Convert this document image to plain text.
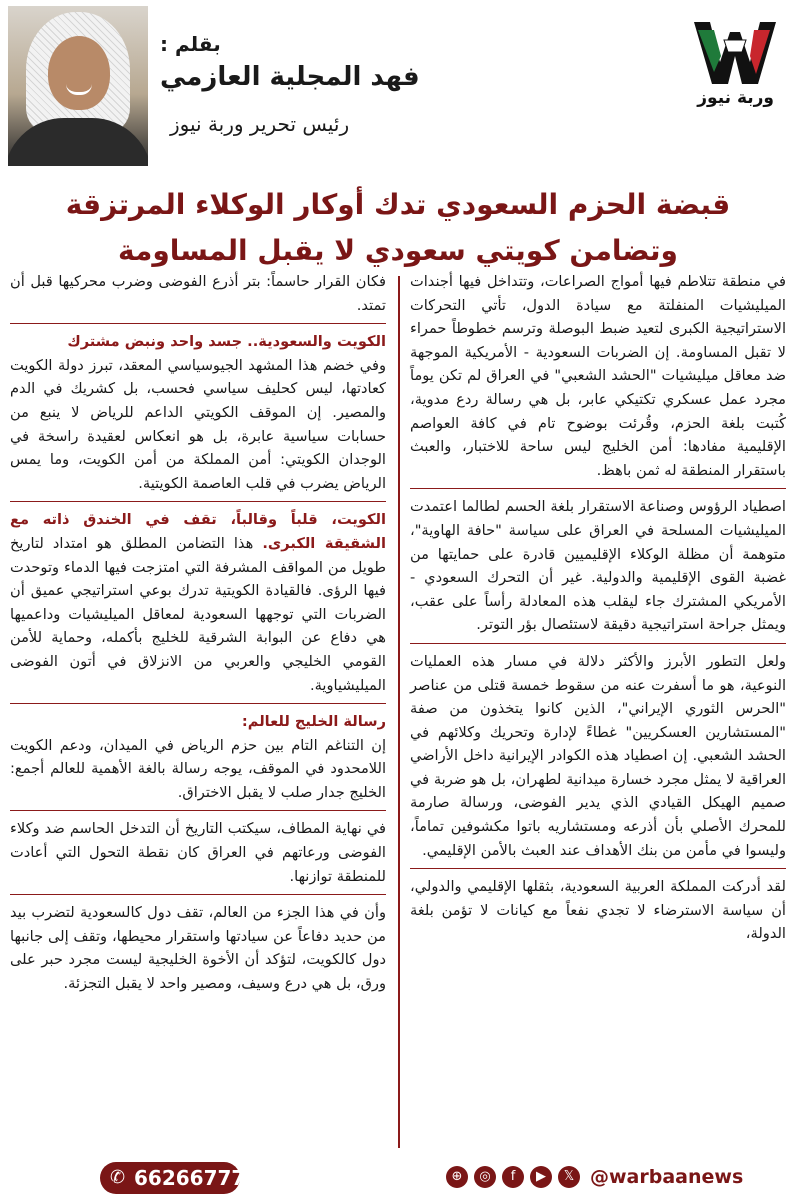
وربة نيوز
بقلم :
فهد المجلية العازمي
رئيس تحرير وربة نيوز
قبضة الحزم السعودي تدك أوكار الوكلاء المرتزقة
وتضامن كويتي سعودي لا يقبل المساومة

في منطقة تتلاطم فيها أمواج الصراعات، وتتداخل فيها أجندات الميليشيات المنفلتة مع سيادة الدول، تأتي التحركات الاستراتيجية الكبرى لتعيد ضبط البوصلة وترسم خطوطاً حمراء لا تقبل المساومة. إن الضربات السعودية - الأمريكية الموجهة ضد معاقل ميليشيات "الحشد الشعبي" في العراق لم تكن يوماً مجرد عمل عسكري تكتيكي عابر، بل هي رسالة ردع مدوية، كُتبت بلغة الحزم، وقُرئت بوضوح تام في كافة العواصم الإقليمية مفادها: أمن الخليج ليس ساحة للاختبار، والعبث باستقرار المنطقة له ثمن باهظ.

اصطياد الرؤوس وصناعة الاستقرار بلغة الحسم لطالما اعتمدت الميليشيات المسلحة في العراق على سياسة "حافة الهاوية"، متوهمة أن مظلة الوكلاء الإقليميين قادرة على حمايتها من غضبة القوى الإقليمية والدولية. غير أن التحرك السعودي - الأمريكي المشترك جاء ليقلب هذه المعادلة رأساً على عقب، ويمثل جراحة استراتيجية دقيقة لاستئصال بؤر التوتر.

ولعل التطور الأبرز والأكثر دلالة في مسار هذه العمليات النوعية، هو ما أسفرت عنه من سقوط خمسة قتلى من عناصر "الحرس الثوري الإيراني"، الذين كانوا يتخذون من صفة "المستشارين العسكريين" غطاءً لإدارة وتحريك وكلائهم في الحشد الشعبي. إن اصطياد هذه الكوادر الإيرانية داخل الأراضي العراقية لا يمثل مجرد خسارة ميدانية لطهران، بل هو ضربة في صميم الهيكل القيادي الذي يدير الفوضى، ورسالة صارمة للمحرك الأصلي بأن أذرعه ومستشاريه باتوا مكشوفين تماماً، وليسوا في مأمن من بنك الأهداف عند العبث بالأمن الإقليمي.

لقد أدركت المملكة العربية السعودية، بثقلها الإقليمي والدولي، أن سياسة الاسترضاء لا تجدي نفعاً مع كيانات لا تؤمن بلغة الدولة،

فكان القرار حاسماً: بتر أذرع الفوضى وضرب محركيها قبل أن تمتد.

الكويت والسعودية.. جسد واحد ونبض مشترك

وفي خضم هذا المشهد الجيوسياسي المعقد، تبرز دولة الكويت كعادتها، ليس كحليف سياسي فحسب، بل كشريك في الدم والمصير. إن الموقف الكويتي الداعم للرياض لا ينبع من حسابات سياسية عابرة، بل هو انعكاس لعقيدة راسخة في الوجدان الكويتي: أمن المملكة من أمن الكويت، وما يمس الرياض يضرب في قلب العاصمة الكويتية.

الكويت، قلباً وقالباً، تقف في الخندق ذاته مع الشقيقة الكبرى. هذا التضامن المطلق هو امتداد لتاريخ طويل من المواقف المشرفة التي امتزجت فيها الدماء وتوحدت فيها الرؤى. فالقيادة الكويتية تدرك بوعي استراتيجي عميق أن الضربات التي توجهها السعودية لمعاقل الميليشيات وداعميها هي دفاع عن البوابة الشرقية للخليج بأكمله، وحماية للأمن القومي الخليجي والعربي من الانزلاق في أتون الفوضى الميليشياوية.

رسالة الخليج للعالم:

إن التناغم التام بين حزم الرياض في الميدان، ودعم الكويت اللامحدود في الموقف، يوجه رسالة بالغة الأهمية للعالم أجمع: الخليج جدار صلب لا يقبل الاختراق.

في نهاية المطاف، سيكتب التاريخ أن التدخل الحاسم ضد وكلاء الفوضى ورعاتهم في العراق كان نقطة التحول التي أعادت للمنطقة توازنها.

وأن في هذا الجزء من العالم، تقف دول كالسعودية لتضرب بيد من حديد دفاعاً عن سيادتها واستقرار محيطها، وتقف إلى جانبها دول كالكويت، لتؤكد أن الأخوة الخليجية ليست مجرد حبر على ورق، بل هي درع وسيف، ومصير واحد لا يقبل التجزئة.

✆ 66266777	𝕏
▶
f
◎
⊕	@warbaanews
